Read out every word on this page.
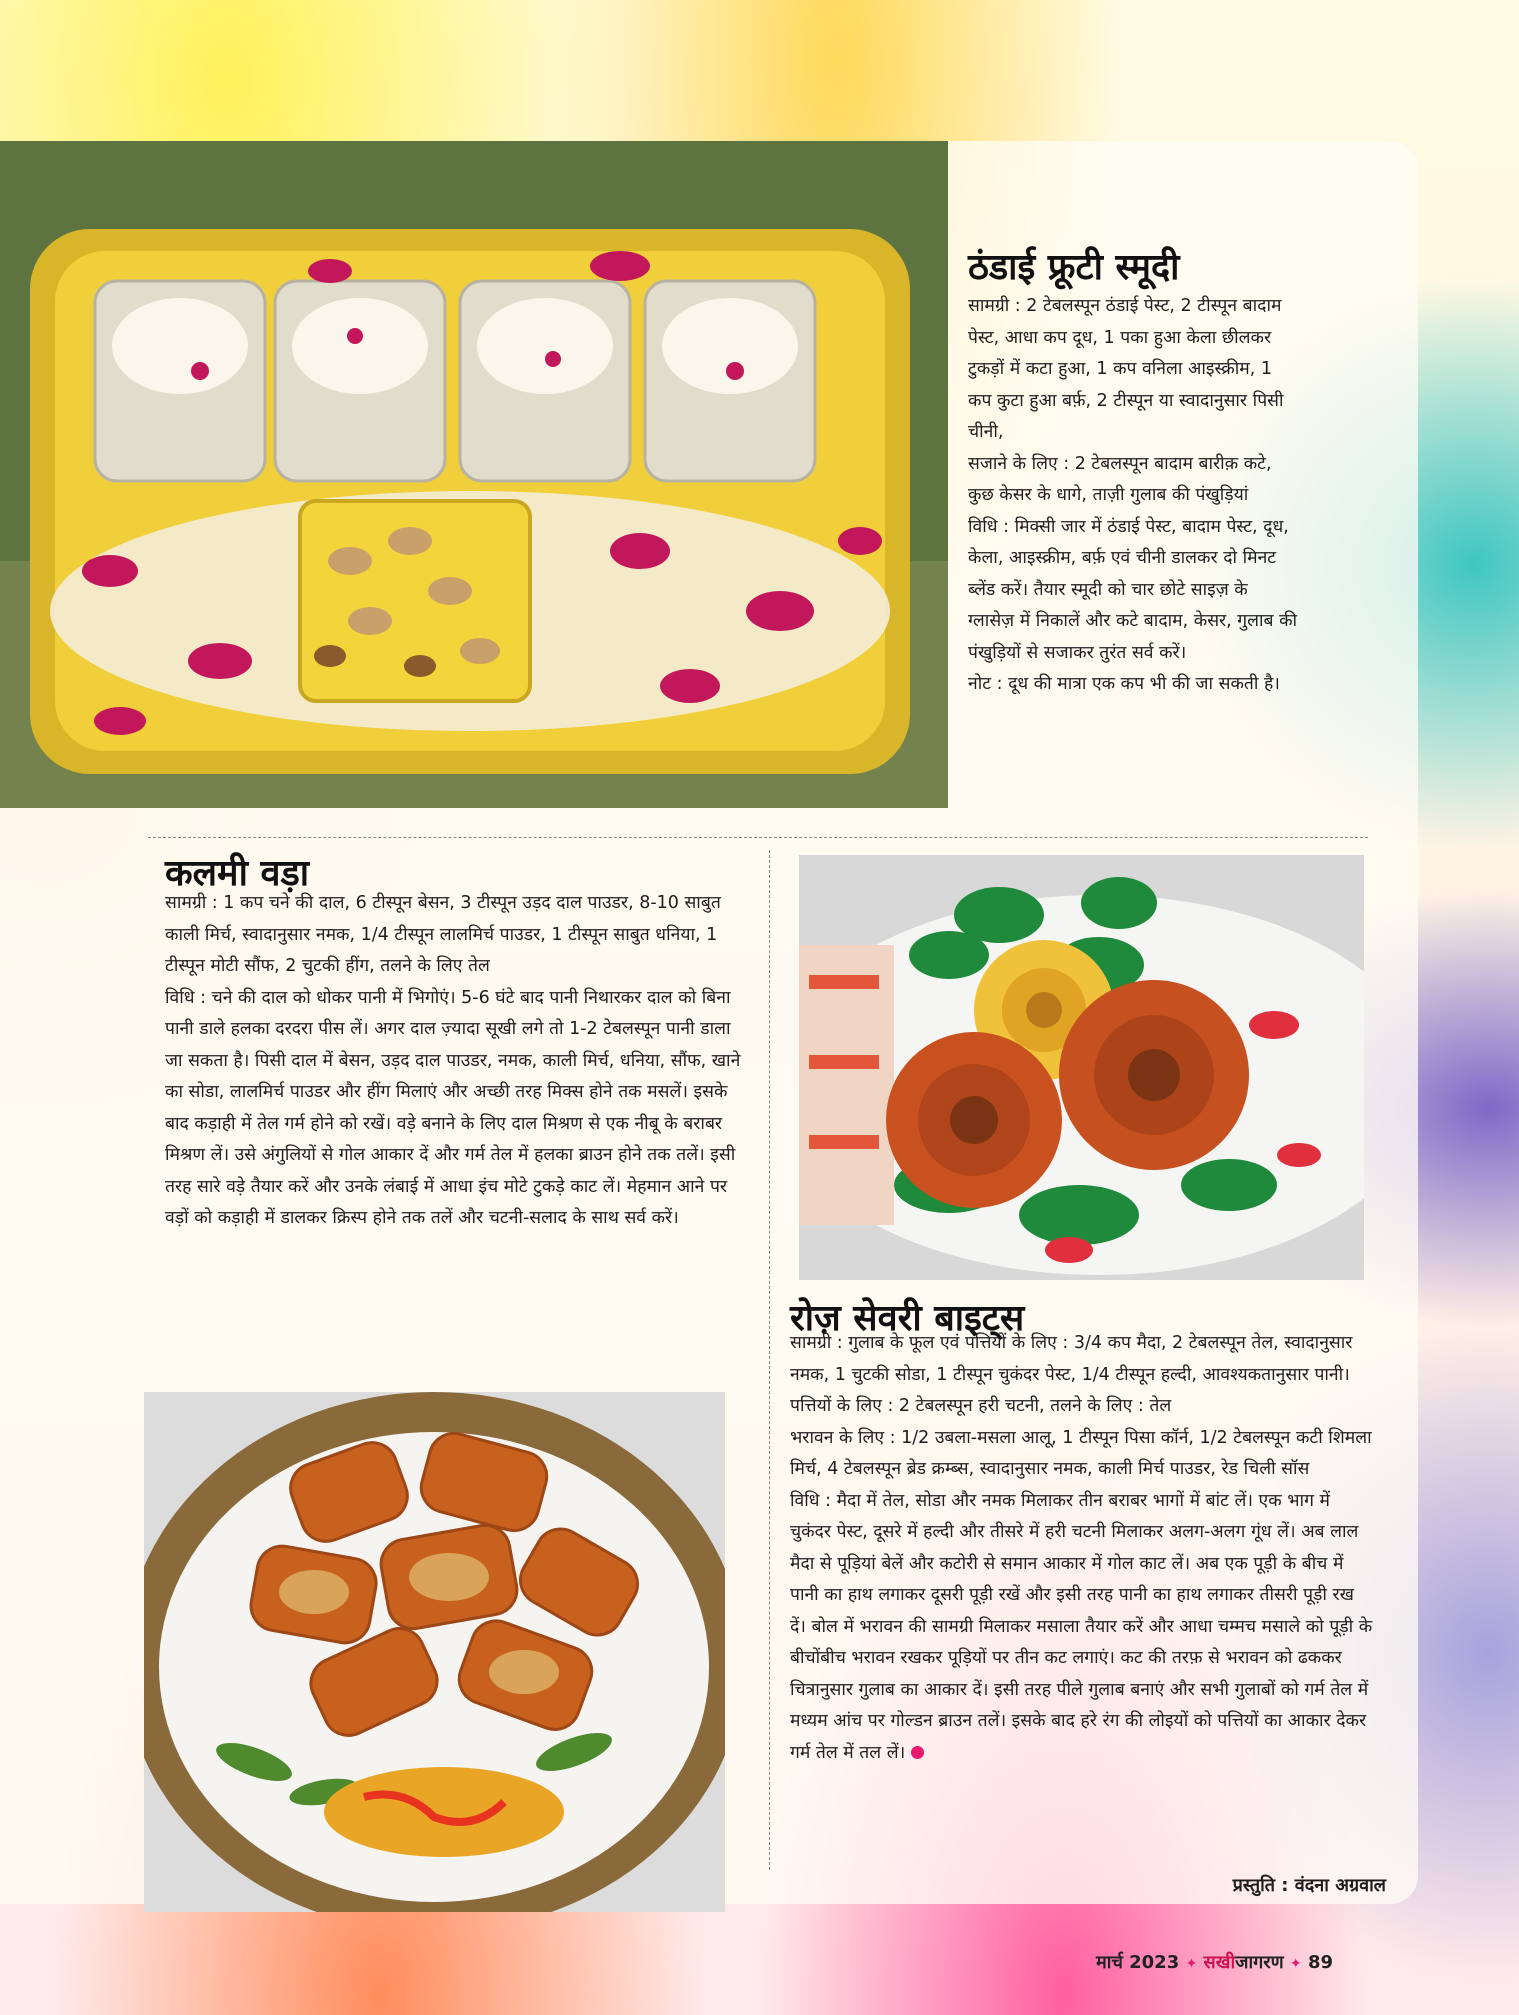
ठंडाई फ्रूटी स्मूदी

सामग्री : 2 टेबलस्पून ठंडाई पेस्ट, 2 टीस्पून बादाम पेस्ट, आधा कप दूध, 1 पका हुआ केला छीलकर टुकड़ों में कटा हुआ, 1 कप वनिला आइस्क्रीम, 1 कप कुटा हुआ बर्फ़, 2 टीस्पून या स्वादानुसार पिसी चीनी,

सजाने के लिए : 2 टेबलस्पून बादाम बारीक़ कटे, कुछ केसर के धागे, ताज़ी गुलाब की पंखुड़ियां

विधि : मिक्सी जार में ठंडाई पेस्ट, बादाम पेस्ट, दूध, केला, आइस्क्रीम, बर्फ़ एवं चीनी डालकर दो मिनट ब्लेंड करें। तैयार स्मूदी को चार छोटे साइज़ के ग्लासेज़ में निकालें और कटे बादाम, केसर, गुलाब की पंखुड़ियों से सजाकर तुरंत सर्व करें।

नोट : दूध की मात्रा एक कप भी की जा सकती है।

कलमी वड़ा

सामग्री : 1 कप चने की दाल, 6 टीस्पून बेसन, 3 टीस्पून उड़द दाल पाउडर, 8-10 साबुत काली मिर्च, स्वादानुसार नमक, 1/4 टीस्पून लालमिर्च पाउडर, 1 टीस्पून साबुत धनिया, 1 टीस्पून मोटी सौंफ, 2 चुटकी हींग, तलने के लिए तेल

विधि : चने की दाल को धोकर पानी में भिगोएं। 5-6 घंटे बाद पानी निथारकर दाल को बिना पानी डाले हलका दरदरा पीस लें। अगर दाल ज़्यादा सूखी लगे तो 1-2 टेबलस्पून पानी डाला जा सकता है। पिसी दाल में बेसन, उड़द दाल पाउडर, नमक, काली मिर्च, धनिया, सौंफ, खाने का सोडा, लालमिर्च पाउडर और हींग मिलाएं और अच्छी तरह मिक्स होने तक मसलें। इसके बाद कड़ाही में तेल गर्म होने को रखें। वड़े बनाने के लिए दाल मिश्रण से एक नीबू के बराबर मिश्रण लें। उसे अंगुलियों से गोल आकार दें और गर्म तेल में हलका ब्राउन होने तक तलें। इसी तरह सारे वड़े तैयार करें और उनके लंबाई में आधा इंच मोटे टुकड़े काट लें। मेहमान आने पर वड़ों को कड़ाही में डालकर क्रिस्प होने तक तलें और चटनी-सलाद के साथ सर्व करें।

रोज़ सेवरी बाइट्स

सामग्री : गुलाब के फूल एवं पत्तियों के लिए : 3/4 कप मैदा, 2 टेबलस्पून तेल, स्वादानुसार नमक, 1 चुटकी सोडा, 1 टीस्पून चुकंदर पेस्ट, 1/4 टीस्पून हल्दी, आवश्यकतानुसार पानी।

पत्तियों के लिए : 2 टेबलस्पून हरी चटनी, तलने के लिए : तेल

भरावन के लिए : 1/2 उबला-मसला आलू, 1 टीस्पून पिसा कॉर्न, 1/2 टेबलस्पून कटी शिमला मिर्च, 4 टेबलस्पून ब्रेड क्रम्ब्स, स्वादानुसार नमक, काली मिर्च पाउडर, रेड चिली सॉस

विधि : मैदा में तेल, सोडा और नमक मिलाकर तीन बराबर भागों में बांट लें। एक भाग में चुकंदर पेस्ट, दूसरे में हल्दी और तीसरे में हरी चटनी मिलाकर अलग-अलग गूंध लें। अब लाल मैदा से पूड़ियां बेलें और कटोरी से समान आकार में गोल काट लें। अब एक पूड़ी के बीच में पानी का हाथ लगाकर दूसरी पूड़ी रखें और इसी तरह पानी का हाथ लगाकर तीसरी पूड़ी रख दें। बोल में भरावन की सामग्री मिलाकर मसाला तैयार करें और आधा चम्मच मसाले को पूड़ी के बीचोंबीच भरावन रखकर पूड़ियों पर तीन कट लगाएं। कट की तरफ़ से भरावन को ढककर चित्रानुसार गुलाब का आकार दें। इसी तरह पीले गुलाब बनाएं और सभी गुलाबों को गर्म तेल में मध्यम आंच पर गोल्डन ब्राउन तलें। इसके बाद हरे रंग की लोइयों को पत्तियों का आकार देकर गर्म तेल में तल लें।

प्रस्तुति : वंदना अग्रवाल
मार्च 2023 ✦ सखीजागरण ✦ 89
